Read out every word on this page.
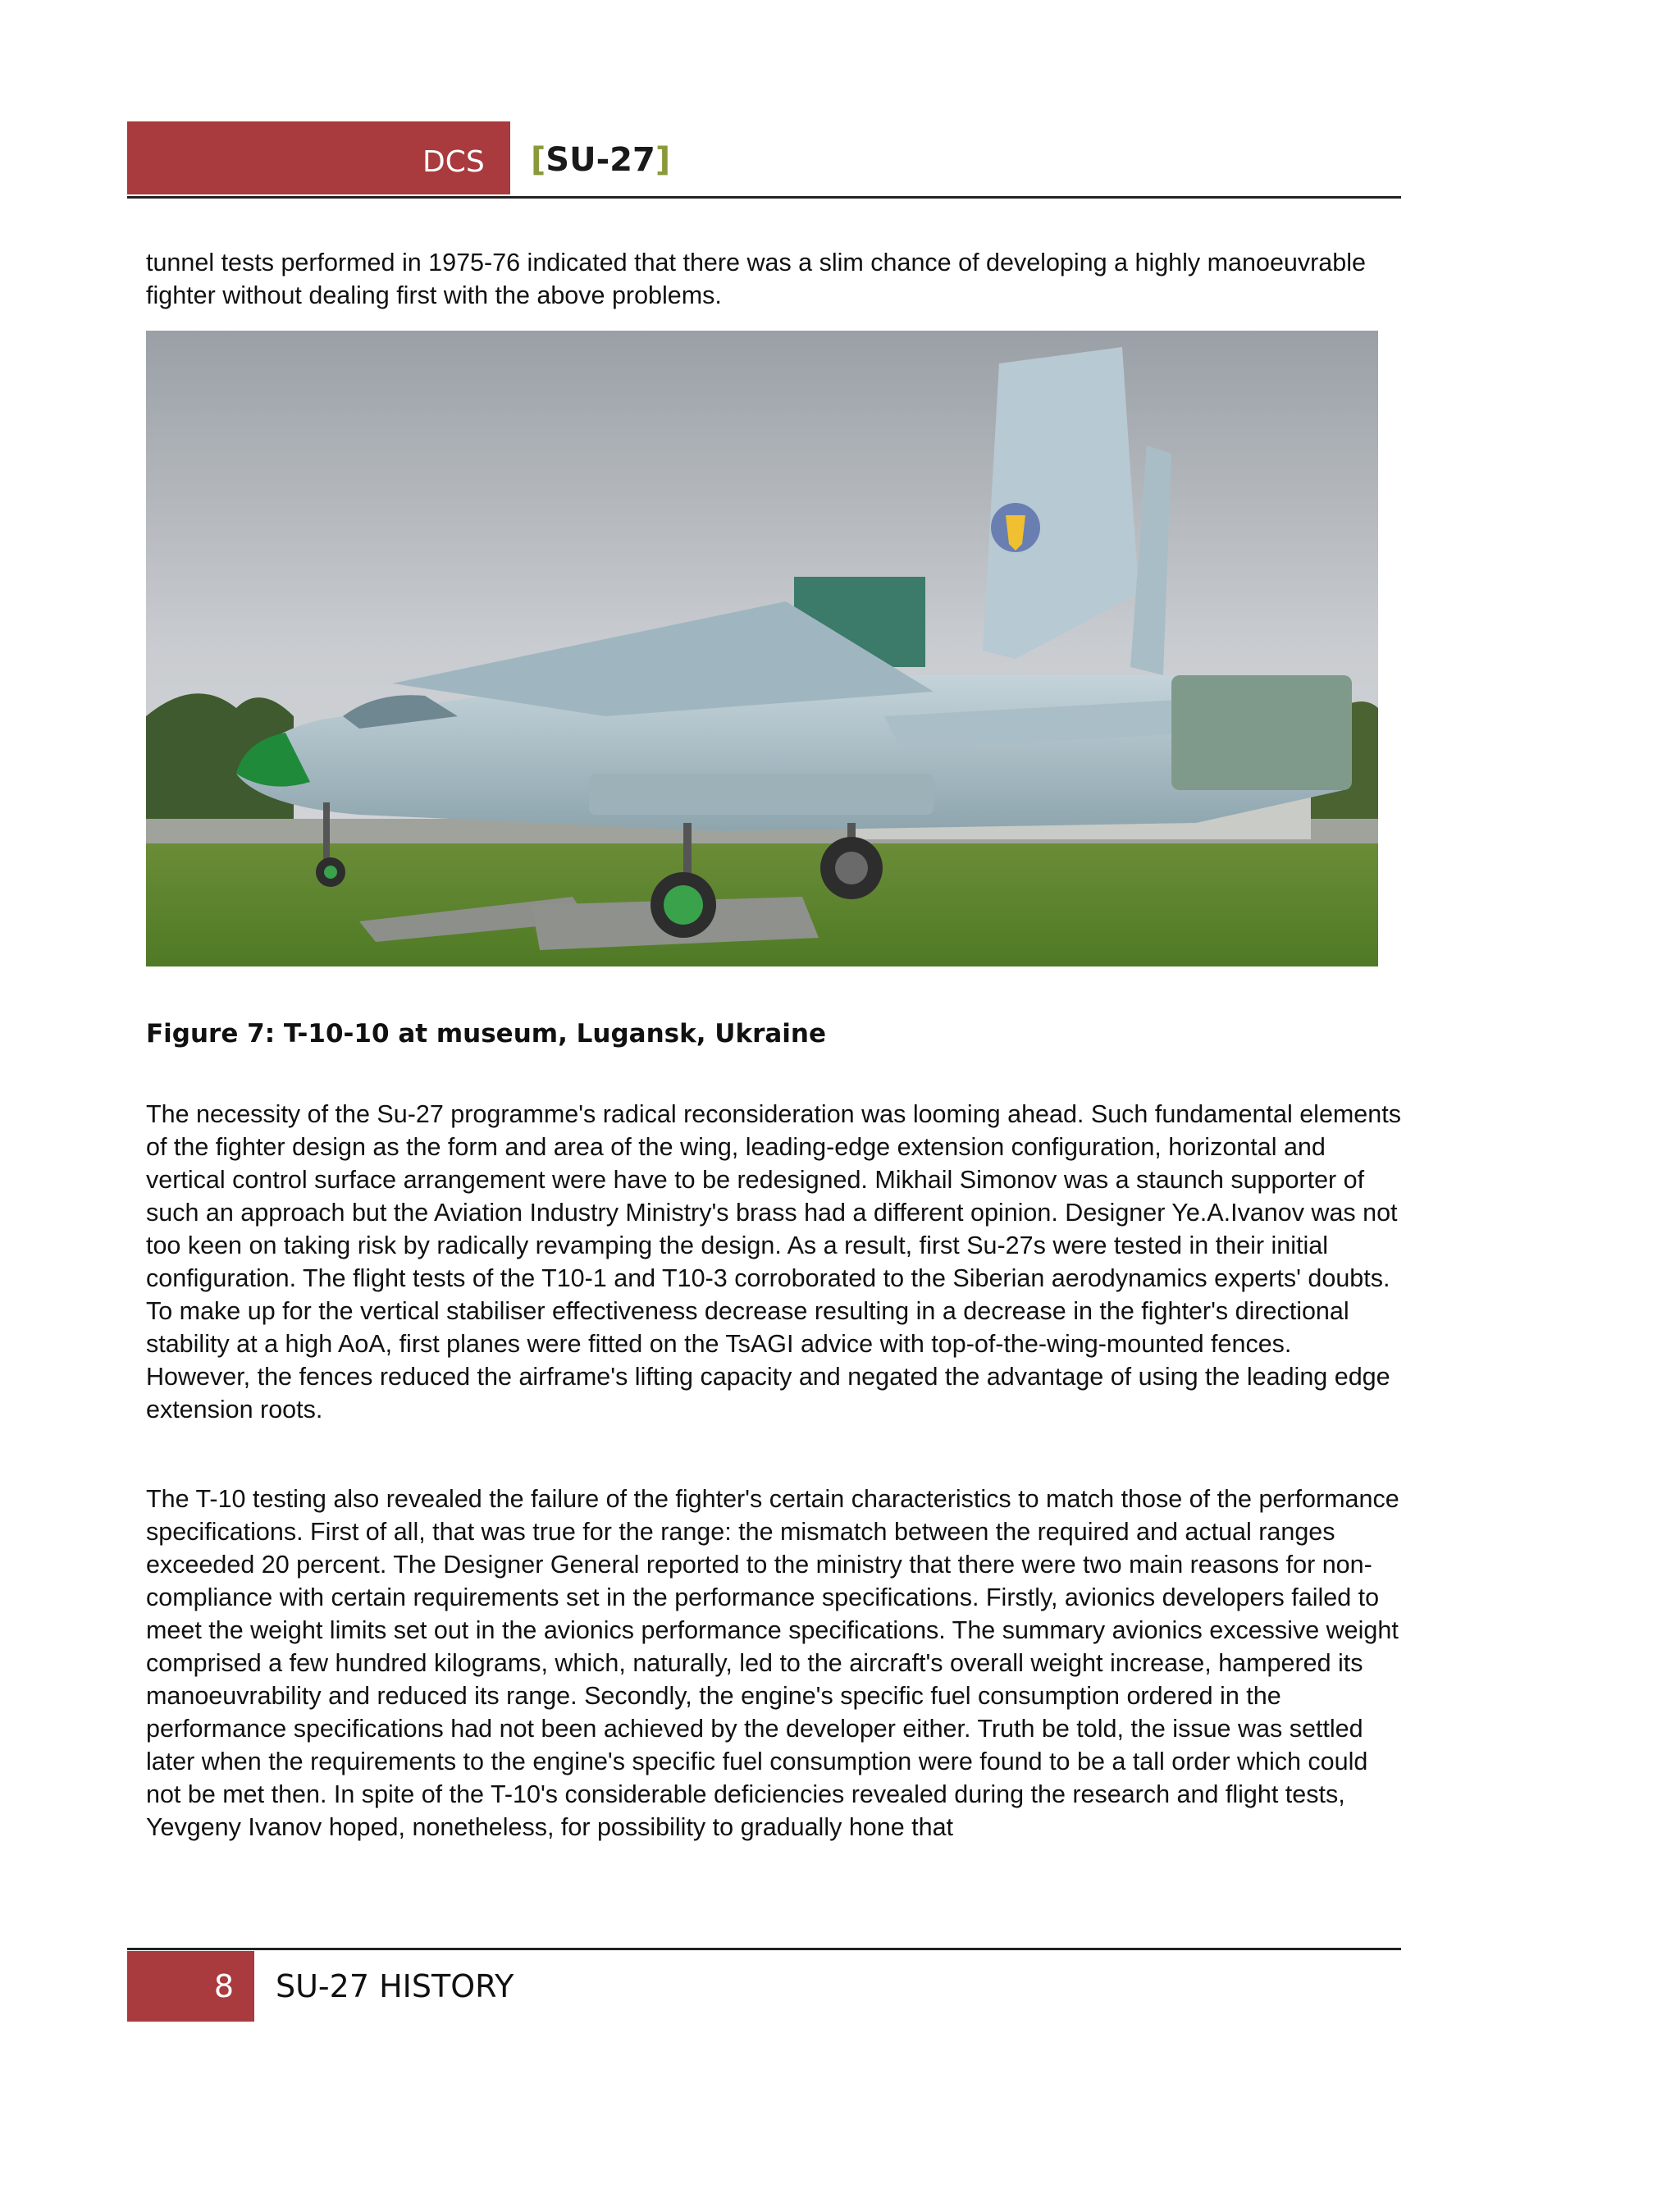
DCS	[SU-27]

tunnel tests performed in 1975-76 indicated that there was a slim chance of developing a highly manoeuvrable fighter without dealing first with the above problems.

Figure 7: T-10-10 at museum, Lugansk, Ukraine

The necessity of the Su-27 programme's radical reconsideration was looming ahead. Such fundamental elements of the fighter design as the form and area of the wing, leading-edge extension configuration, horizontal and vertical control surface arrangement were have to be redesigned. Mikhail Simonov was a staunch supporter of such an approach but the Aviation Industry Ministry's brass had a different opinion. Designer Ye.A.Ivanov was not too keen on taking risk by radically revamping the design. As a result, first Su-27s were tested in their initial configuration. The flight tests of the T10-1 and T10-3 corroborated to the Siberian aerodynamics experts' doubts. To make up for the vertical stabiliser effectiveness decrease resulting in a decrease in the fighter's directional stability at a high AoA, first planes were fitted on the TsAGI advice with top-of-the-wing-mounted fences. However, the fences reduced the airframe's lifting capacity and negated the advantage of using the leading edge extension roots.

The T-10 testing also revealed the failure of the fighter's certain characteristics to match those of the performance specifications. First of all, that was true for the range: the mismatch between the required and actual ranges exceeded 20 percent. The Designer General reported to the ministry that there were two main reasons for non-compliance with certain requirements set in the performance specifications. Firstly, avionics developers failed to meet the weight limits set out in the avionics performance specifications. The summary avionics excessive weight comprised a few hundred kilograms, which, naturally, led to the aircraft's overall weight increase, hampered its manoeuvrability and reduced its range. Secondly, the engine's specific fuel consumption ordered in the performance specifications had not been achieved by the developer either. Truth be told, the issue was settled later when the requirements to the engine's specific fuel consumption were found to be a tall order which could not be met then. In spite of the T-10's considerable deficiencies revealed during the research and flight tests, Yevgeny Ivanov hoped, nonetheless, for possibility to gradually hone that

8 SU-27 HISTORY
